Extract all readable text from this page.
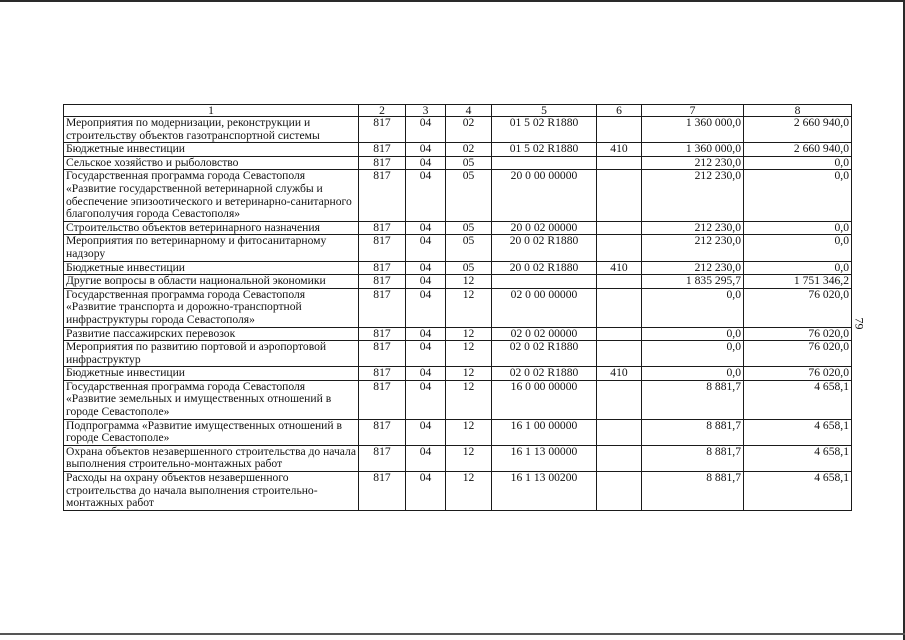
1	2	3	4	5	6	7	8
Мероприятия по модернизации, реконструкции и строительству объектов газотранспортной системы	817	04	02	01 5 02 R1880		1 360 000,0	2 660 940,0
Бюджетные инвестиции	817	04	02	01 5 02 R1880	410	1 360 000,0	2 660 940,0
Сельское хозяйство и рыболовство	817	04	05			212 230,0	0,0
Государственная программа города Севастополя «Развитие государственной ветеринарной службы и обеспечение эпизоотического и ветеринарно-санитарного благополучия города Севастополя»	817	04	05	20 0 00 00000		212 230,0	0,0
Строительство объектов ветеринарного назначения	817	04	05	20 0 02 00000		212 230,0	0,0
Мероприятия по ветеринарному и фитосанитарному надзору	817	04	05	20 0 02 R1880		212 230,0	0,0
Бюджетные инвестиции	817	04	05	20 0 02 R1880	410	212 230,0	0,0
Другие вопросы в области национальной экономики	817	04	12			1 835 295,7	1 751 346,2
Государственная программа города Севастополя «Развитие транспорта и дорожно-транспортной инфраструктуры города Севастополя»	817	04	12	02 0 00 00000		0,0	76 020,0
Развитие пассажирских перевозок	817	04	12	02 0 02 00000		0,0	76 020,0
Мероприятия по развитию портовой и аэропортовой инфраструктур	817	04	12	02 0 02 R1880		0,0	76 020,0
Бюджетные инвестиции	817	04	12	02 0 02 R1880	410	0,0	76 020,0
Государственная программа города Севастополя «Развитие земельных и имущественных отношений в городе Севастополе»	817	04	12	16 0 00 00000		8 881,7	4 658,1
Подпрограмма «Развитие имущественных отношений в городе Севастополе»	817	04	12	16 1 00 00000		8 881,7	4 658,1
Охрана объектов незавершенного строительства до начала выполнения строительно-монтажных работ	817	04	12	16 1 13 00000		8 881,7	4 658,1
Расходы на охрану объектов незавершенного строительства до начала выполнения строительно-монтажных работ	817	04	12	16 1 13 00200		8 881,7	4 658,1
79
